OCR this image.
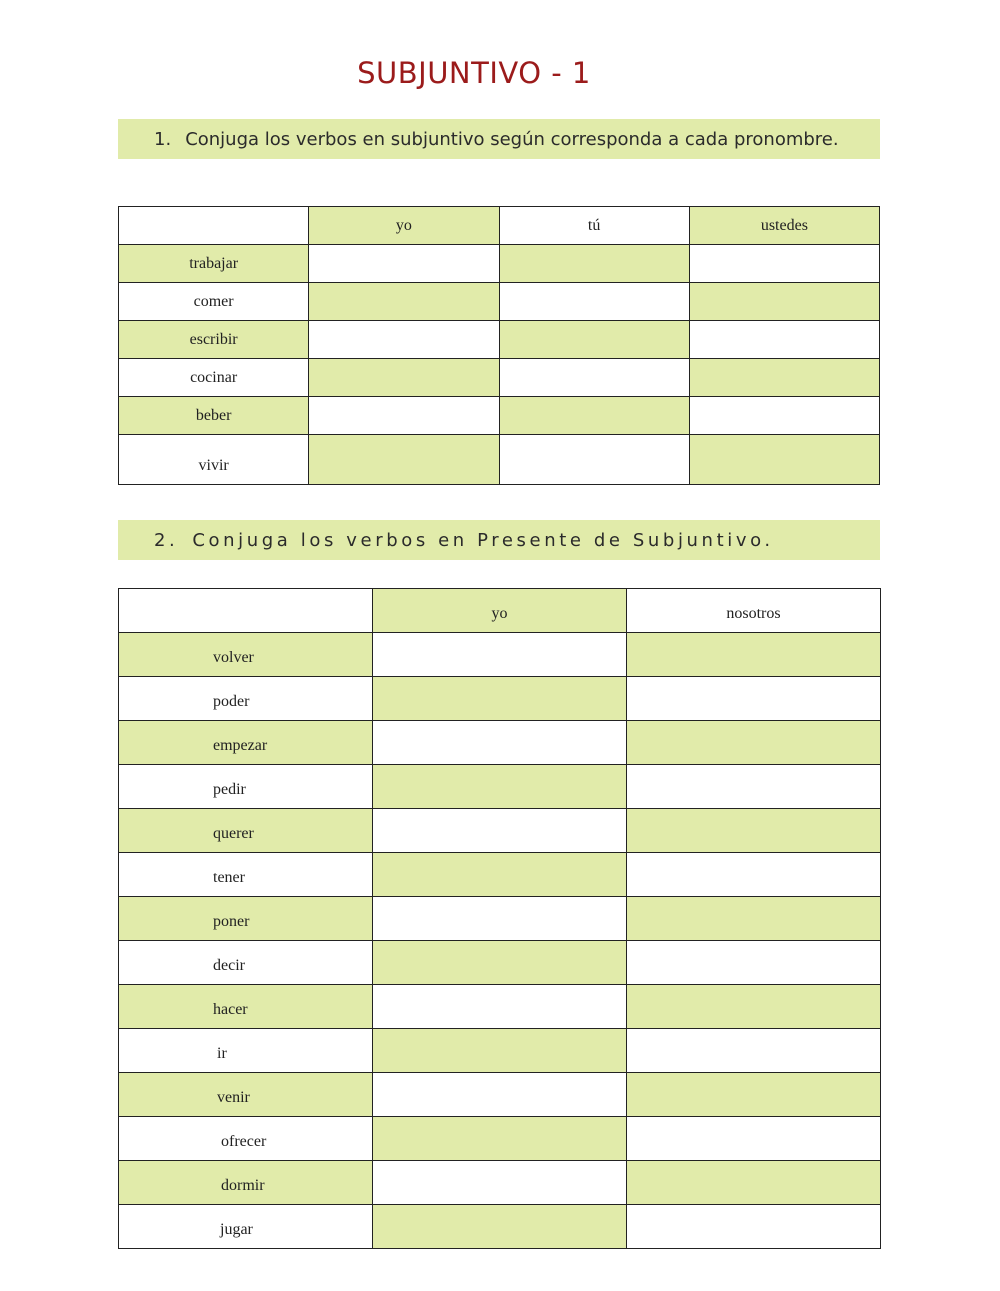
SUBJUNTIVO - 1
1. Conjuga los verbos en subjuntivo según corresponda a cada pronombre.
	yo	tú	ustedes
trabajar			
comer			
escribir			
cocinar			
beber			
vivir			
2. Conjuga los verbos en Presente de Subjuntivo.
	yo	nosotros
volver		
poder		
empezar		
pedir		
querer		
tener		
poner		
decir		
hacer		
ir		
venir		
ofrecer		
dormir		
jugar		
